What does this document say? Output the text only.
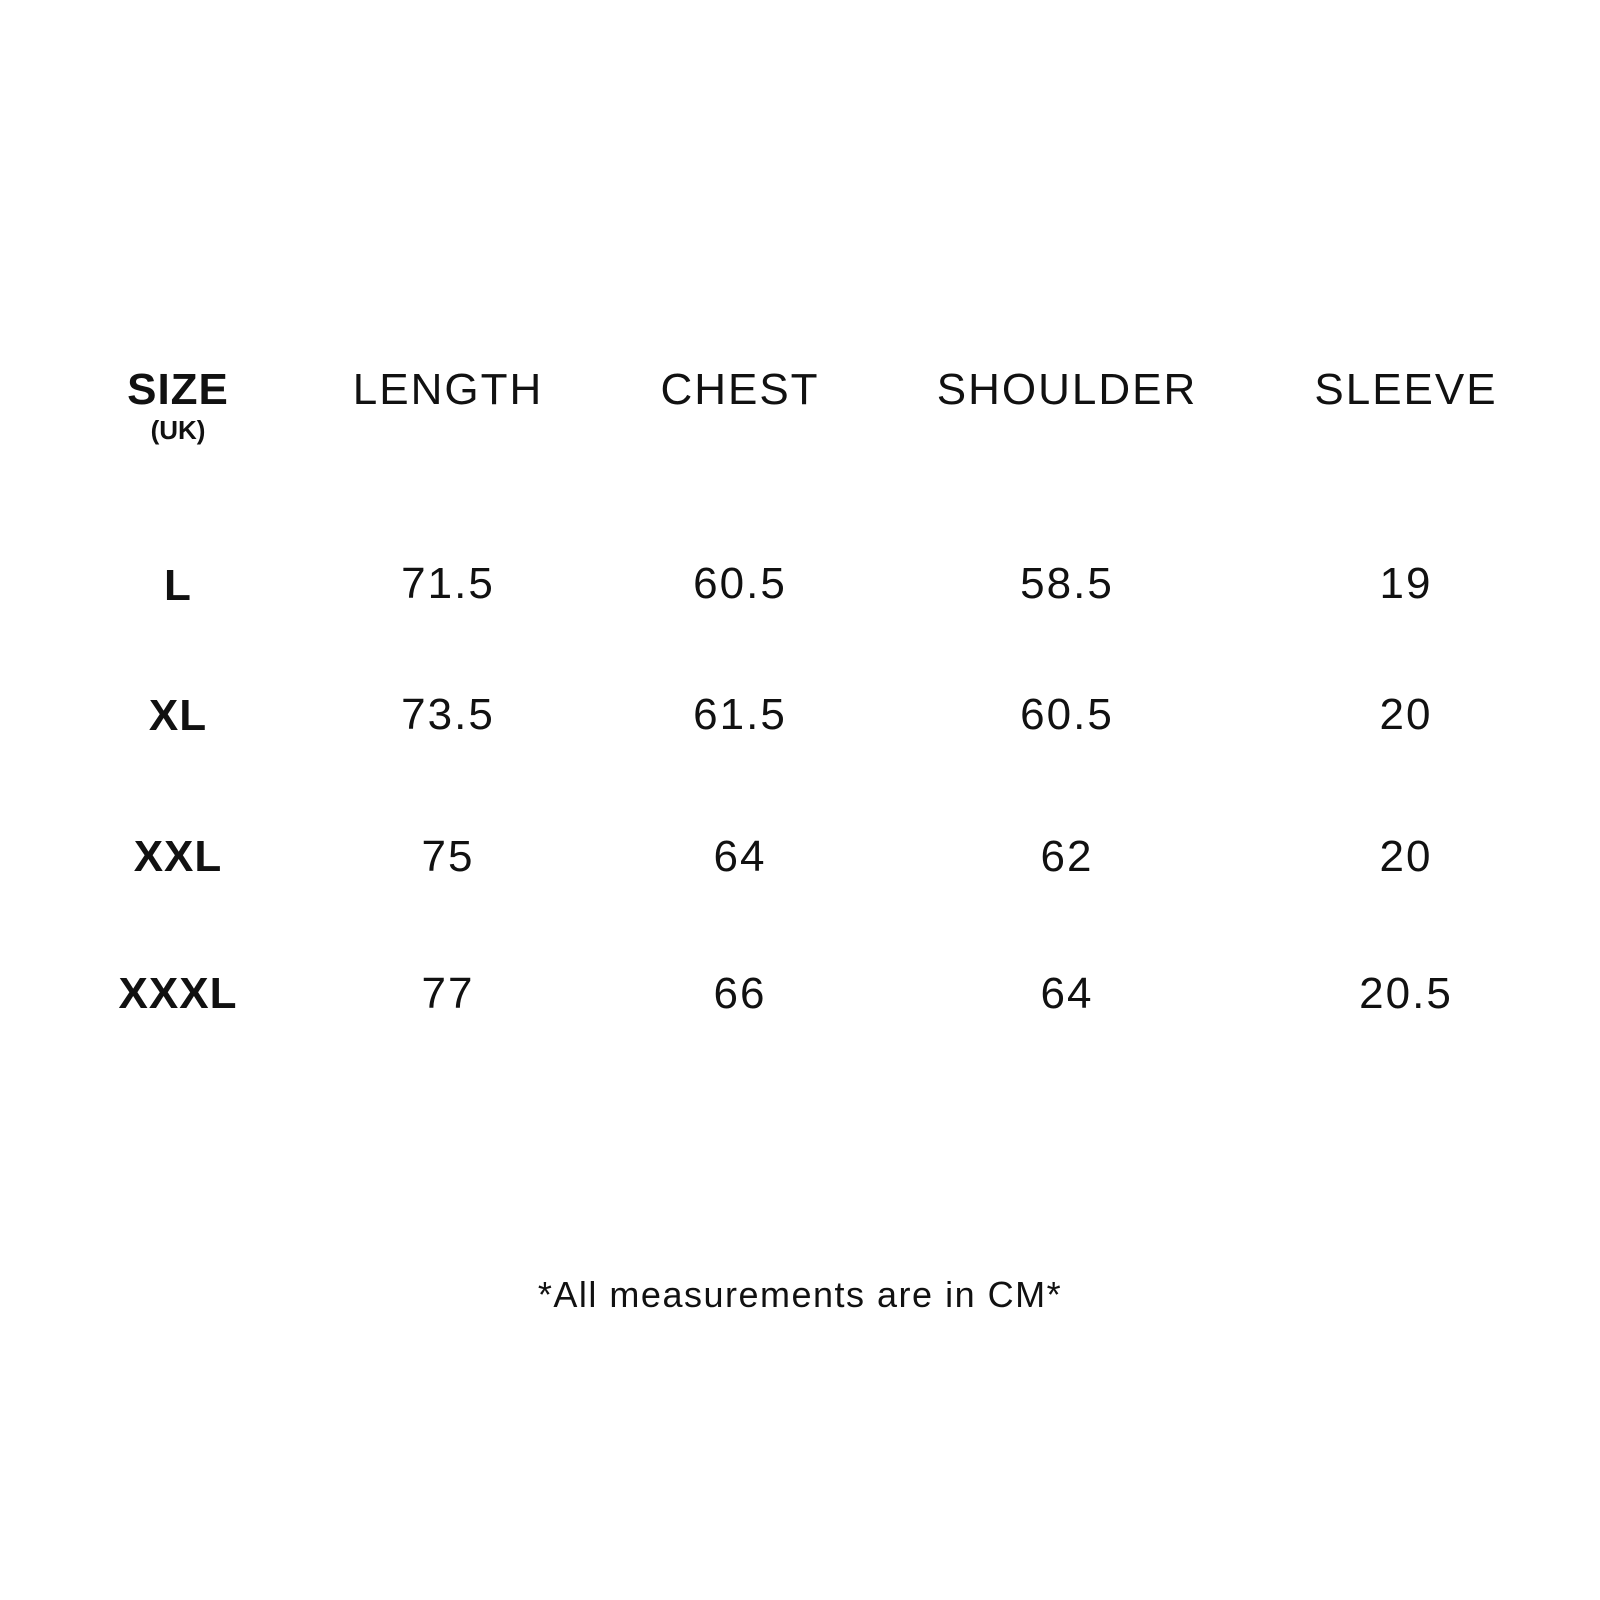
SIZE
(UK)
LENGTH	CHEST	SHOULDER	SLEEVE
L	71.5	60.5	58.5	19
XL	73.5	61.5	60.5	20
XXL	75	64	62	20
XXXL	77	66	64	20.5
*All measurements are in CM*
